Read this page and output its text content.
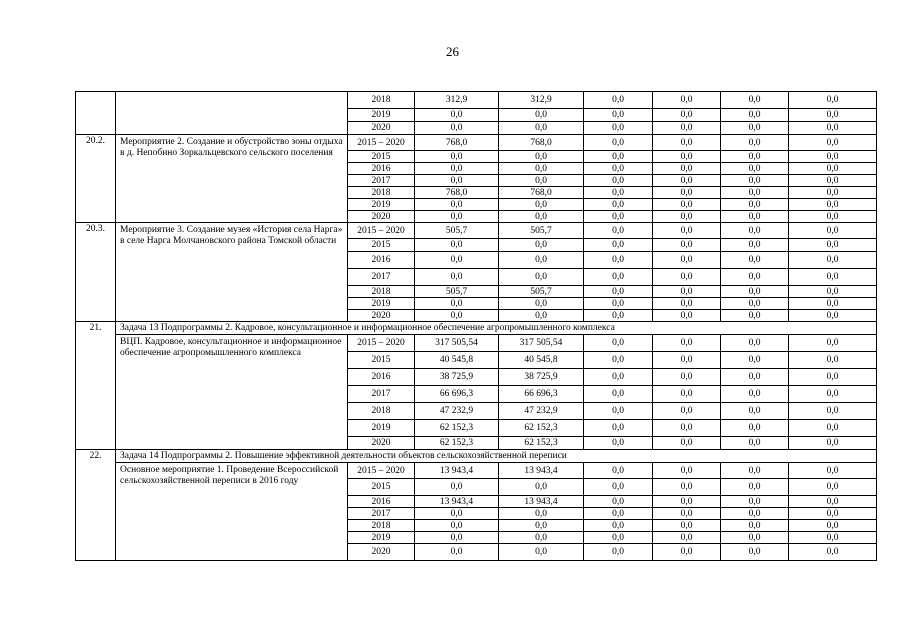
26
		2018	312,9	312,9	0,0	0,0	0,0	0,0
		2019	0,0	0,0	0,0	0,0	0,0	0,0
		2020	0,0	0,0	0,0	0,0	0,0	0,0
20.2.	Мероприятие 2. Создание и обустройство зоны отдыха в д. Непобино Зоркальцевского сельского поселения	2015 – 2020	768,0	768,0	0,0	0,0	0,0	0,0
		2015	0,0	0,0	0,0	0,0	0,0	0,0
		2016	0,0	0,0	0,0	0,0	0,0	0,0
		2017	0,0	0,0	0,0	0,0	0,0	0,0
		2018	768,0	768,0	0,0	0,0	0,0	0,0
		2019	0,0	0,0	0,0	0,0	0,0	0,0
		2020	0,0	0,0	0,0	0,0	0,0	0,0
20.3.	Мероприятие 3. Создание музея «История села Нарга» в селе Нарга Молчановского района Томской области	2015 – 2020	505,7	505,7	0,0	0,0	0,0	0,0
		2015	0,0	0,0	0,0	0,0	0,0	0,0
		2016	0,0	0,0	0,0	0,0	0,0	0,0
		2017	0,0	0,0	0,0	0,0	0,0	0,0
		2018	505,7	505,7	0,0	0,0	0,0	0,0
		2019	0,0	0,0	0,0	0,0	0,0	0,0
		2020	0,0	0,0	0,0	0,0	0,0	0,0
21.	Задача 13 Подпрограммы 2. Кадровое, консультационное и информационное обеспечение агропромышленного комплекса							
	ВЦП. Кадровое, консультационное и информационное обеспечение агропромышленного комплекса	2015 – 2020	317 505,54	317 505,54	0,0	0,0	0,0	0,0
		2015	40 545,8	40 545,8	0,0	0,0	0,0	0,0
		2016	38 725,9	38 725,9	0,0	0,0	0,0	0,0
		2017	66 696,3	66 696,3	0,0	0,0	0,0	0,0
		2018	47 232,9	47 232,9	0,0	0,0	0,0	0,0
		2019	62 152,3	62 152,3	0,0	0,0	0,0	0,0
		2020	62 152,3	62 152,3	0,0	0,0	0,0	0,0
22.	Задача 14 Подпрограммы 2. Повышение эффективной деятельности объектов сельскохозяйственной переписи							
	Основное мероприятие 1. Проведение Всероссийской сельскохозяйственной переписи в 2016 году	2015 – 2020	13 943,4	13 943,4	0,0	0,0	0,0	0,0
		2015	0,0	0,0	0,0	0,0	0,0	0,0
		2016	13 943,4	13 943,4	0,0	0,0	0,0	0,0
		2017	0,0	0,0	0,0	0,0	0,0	0,0
		2018	0,0	0,0	0,0	0,0	0,0	0,0
		2019	0,0	0,0	0,0	0,0	0,0	0,0
		2020	0,0	0,0	0,0	0,0	0,0	0,0
